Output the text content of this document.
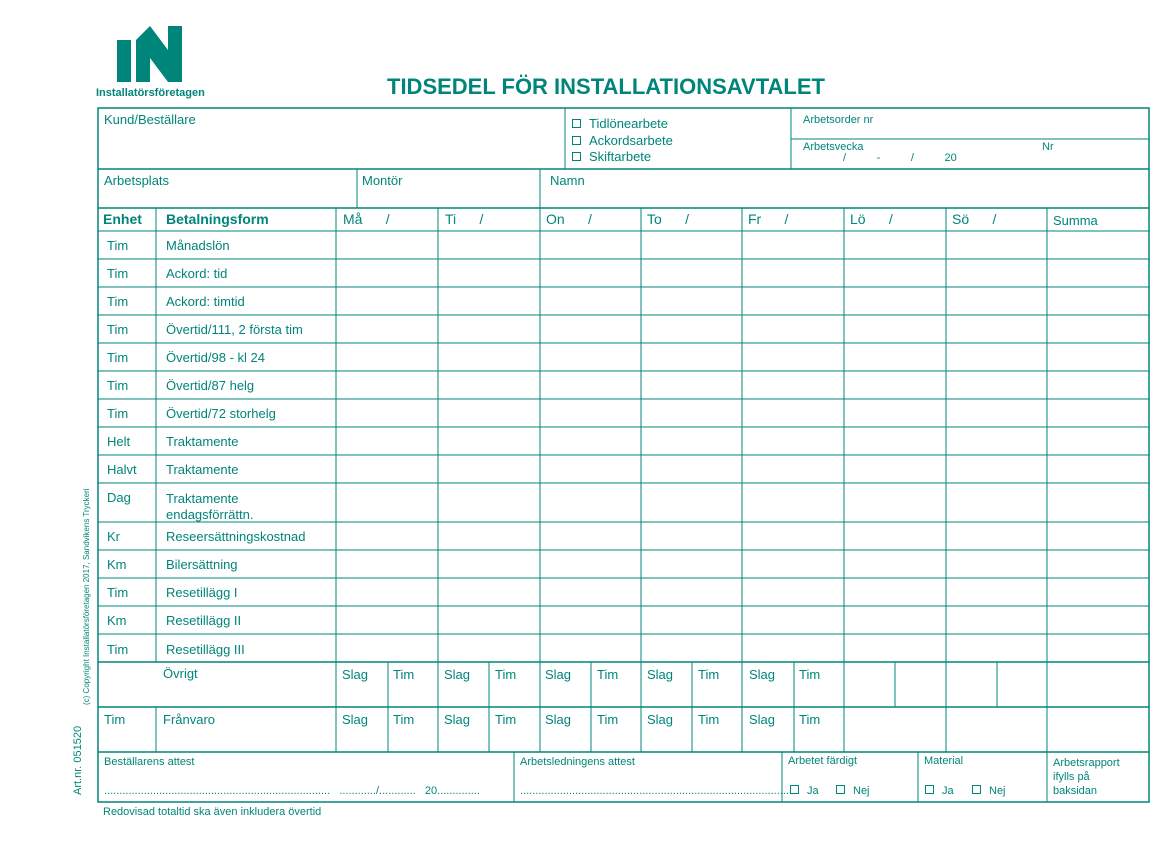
Installatörsföretagen	TIDSEDEL FÖR INSTALLATIONSAVTALET
Kund/Beställare	Tidlönearbete
Ackordsarbete
Skiftarbete
Arbetsorder nr
Arbetsvecka	Nr
/          -          /          20
Arbetsplats	Montör	Namn
Enhet Betalningsform	Må      /	Ti      /	On      /	To      /	Fr      /	Lö      /	Sö      /	Summa
Tim	Månadslön
Tim	Ackord: tid
Tim	Ackord: timtid
Tim	Övertid/111, 2 första tim
Tim	Övertid/98 - kl 24
Tim	Övertid/87 helg
Tim	Övertid/72 storhelg
Helt	Traktamente
Halvt Traktamente
Dag	Traktamente
endagsförrättn.
Kr	Reseersättningskostnad
Km	Bilersättning
Tim	Resetillägg I
Km	Resetillägg II
Tim	Resetillägg III
Övrigt	Slag Tim Slag Tim Slag Tim Slag Tim Slag Tim
Tim	Frånvaro	Slag Tim Slag Tim Slag Tim Slag Tim Slag Tim
Beställarens attest
..........................................................................   ............/............   20..............
Arbetsledningens attest
.........................................................................................
Arbetet färdigt
Ja	Nej
Material
Ja	Nej
Arbetsrapport
ifylls på
baksidan
Redovisad totaltid ska även inkludera övertid
Art.nr. 051520
(c) Copyright Installatörsföretagen 2017, Sandvikens Tryckeri
